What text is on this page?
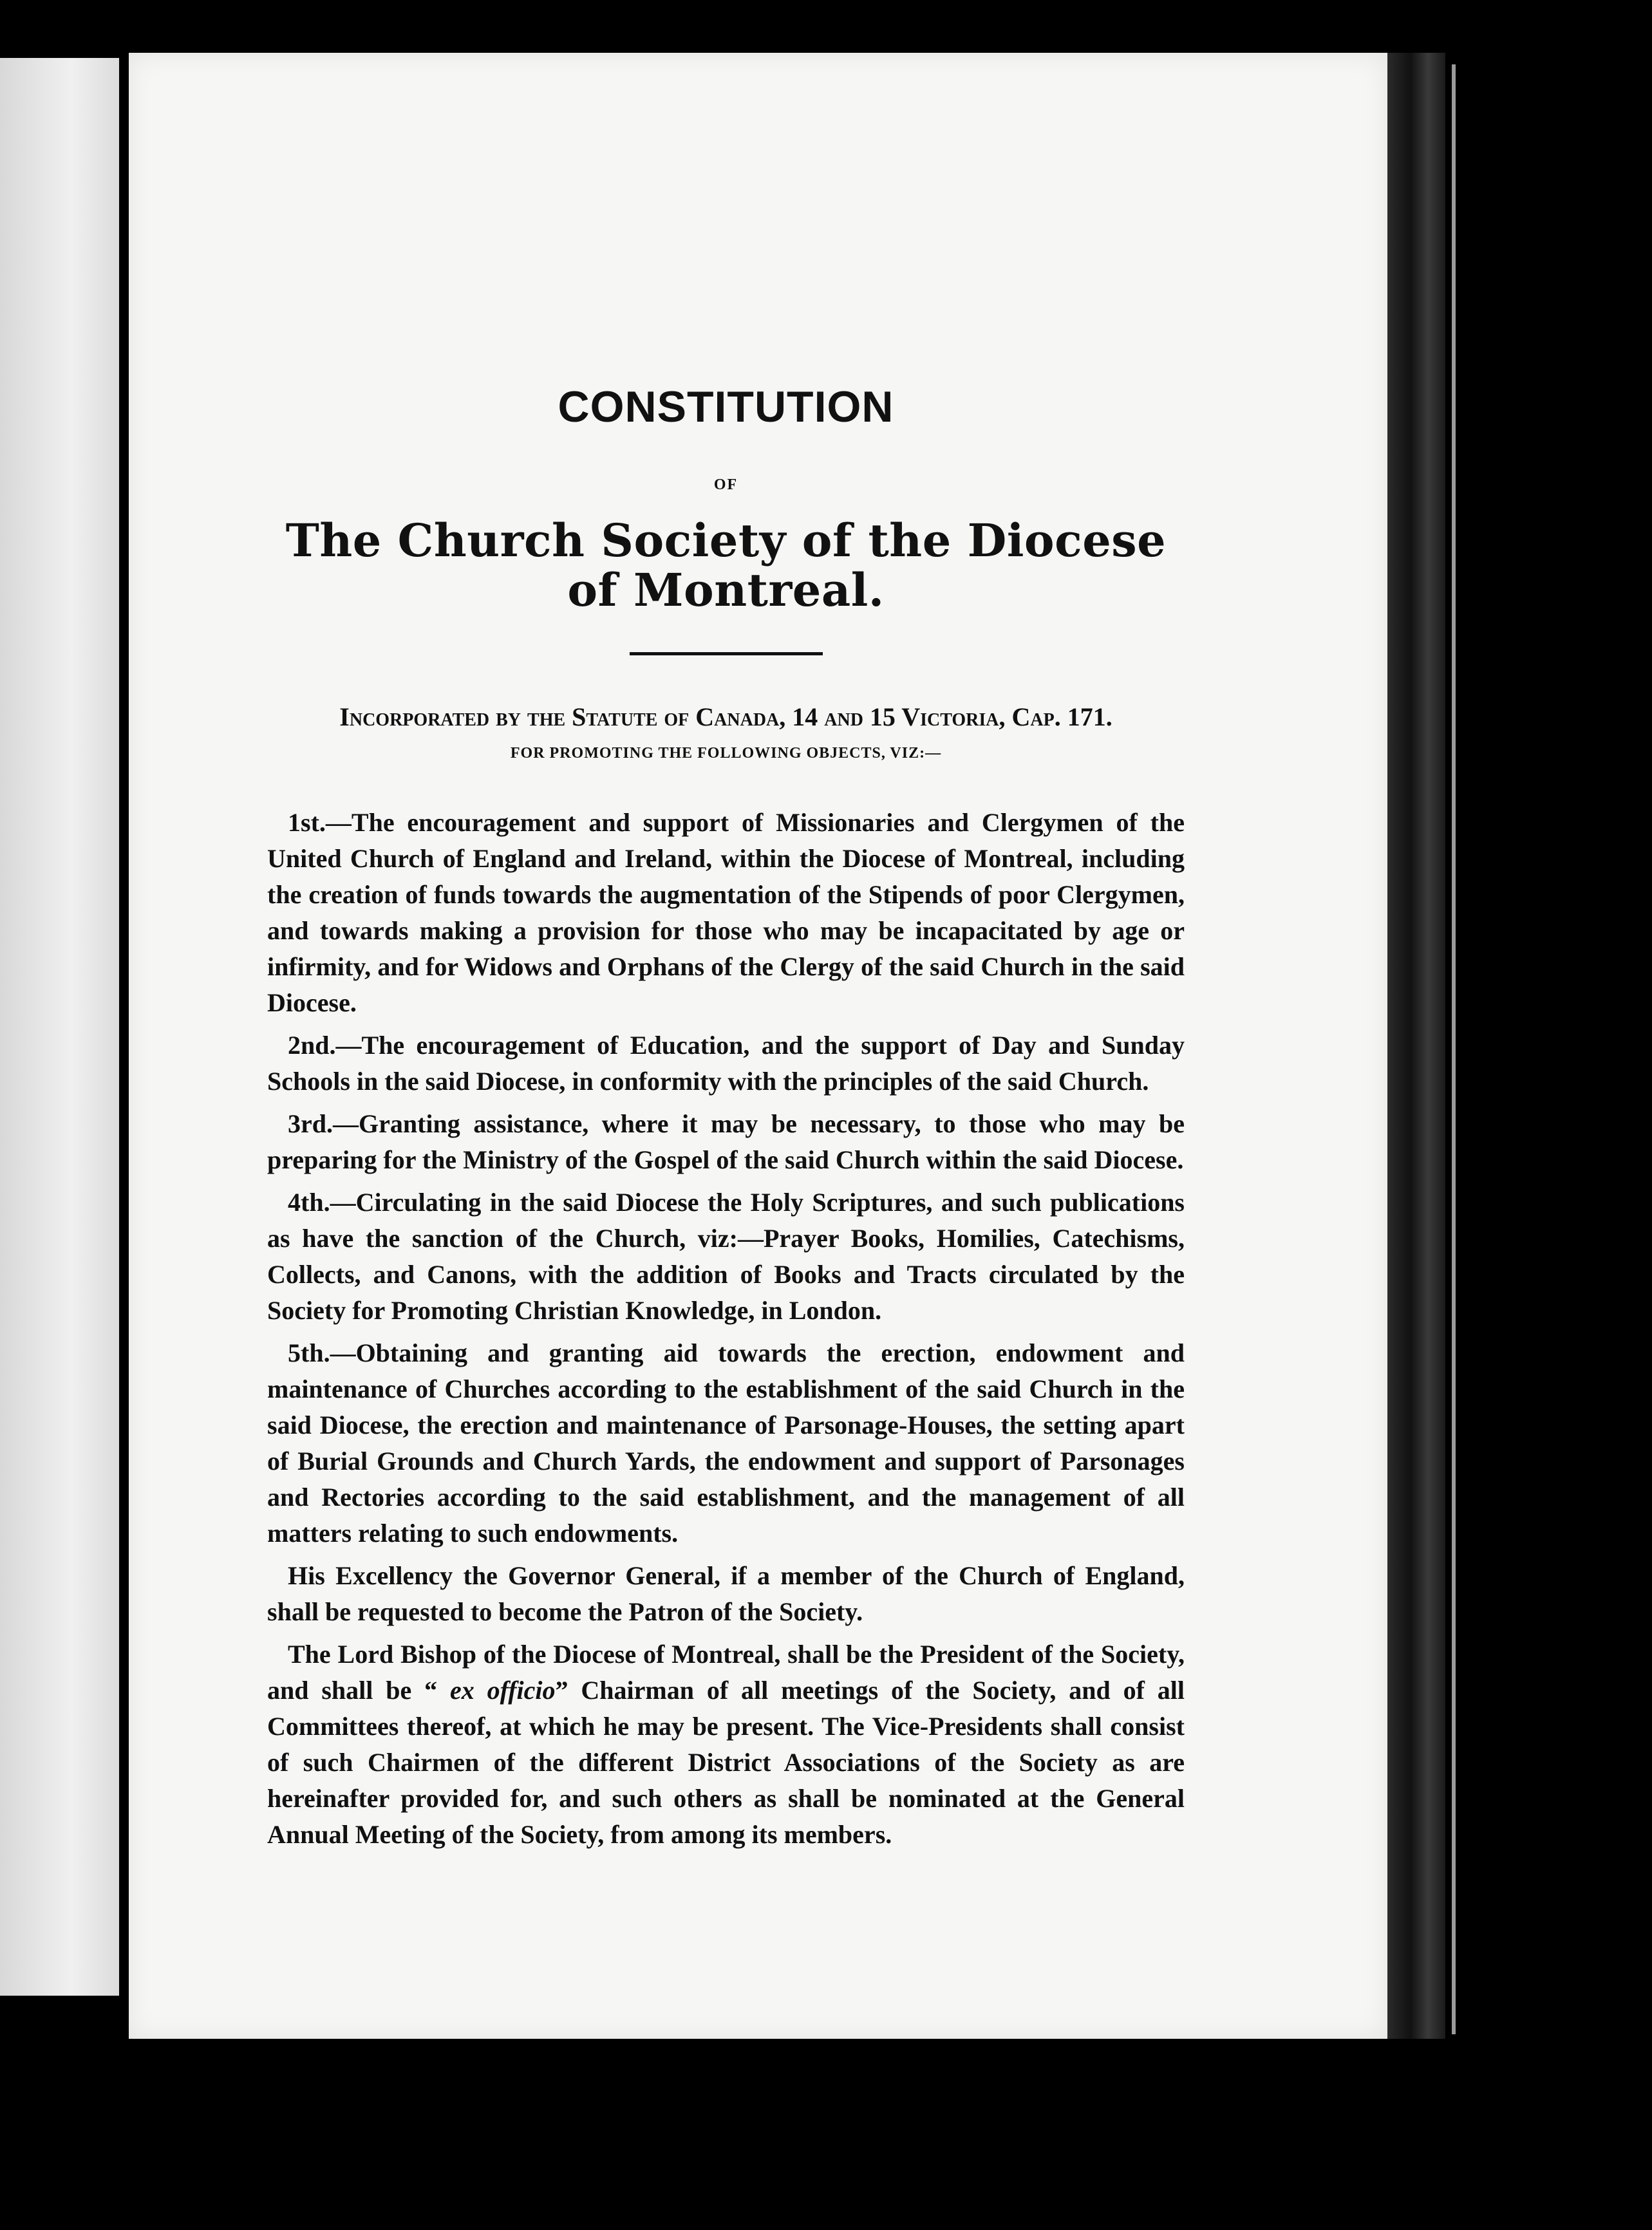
CONSTITUTION
OF
The Church Society of the Diocese of Montreal.
Incorporated by the Statute of Canada, 14 and 15 Victoria, Cap. 171.
FOR PROMOTING THE FOLLOWING OBJECTS, VIZ:—

1st.—The encouragement and support of Missionaries and Clergymen of the United Church of England and Ireland, within the Diocese of Montreal, including the creation of funds towards the augmentation of the Stipends of poor Clergymen, and towards making a provision for those who may be incapacitated by age or infirmity, and for Widows and Orphans of the Clergy of the said Church in the said Diocese.

2nd.—The encouragement of Education, and the support of Day and Sunday Schools in the said Diocese, in conformity with the principles of the said Church.

3rd.—Granting assistance, where it may be necessary, to those who may be preparing for the Ministry of the Gospel of the said Church within the said Diocese.

4th.—Circulating in the said Diocese the Holy Scriptures, and such publications as have the sanction of the Church, viz:—Prayer Books, Homilies, Catechisms, Collects, and Canons, with the addition of Books and Tracts circulated by the Society for Promoting Christian Knowledge, in London.

5th.—Obtaining and granting aid towards the erection, endowment and maintenance of Churches according to the establishment of the said Church in the said Diocese, the erection and maintenance of Parsonage-Houses, the setting apart of Burial Grounds and Church Yards, the endowment and support of Parsonages and Rectories according to the said establishment, and the management of all matters relating to such endowments.

His Excellency the Governor General, if a member of the Church of England, shall be requested to become the Patron of the Society.

The Lord Bishop of the Diocese of Montreal, shall be the President of the Society, and shall be “ ex officio” Chairman of all meetings of the Society, and of all Committees thereof, at which he may be present. The Vice-Presidents shall consist of such Chairmen of the different District Associations of the Society as are hereinafter provided for, and such others as shall be nominated at the General Annual Meeting of the Society, from among its members.
